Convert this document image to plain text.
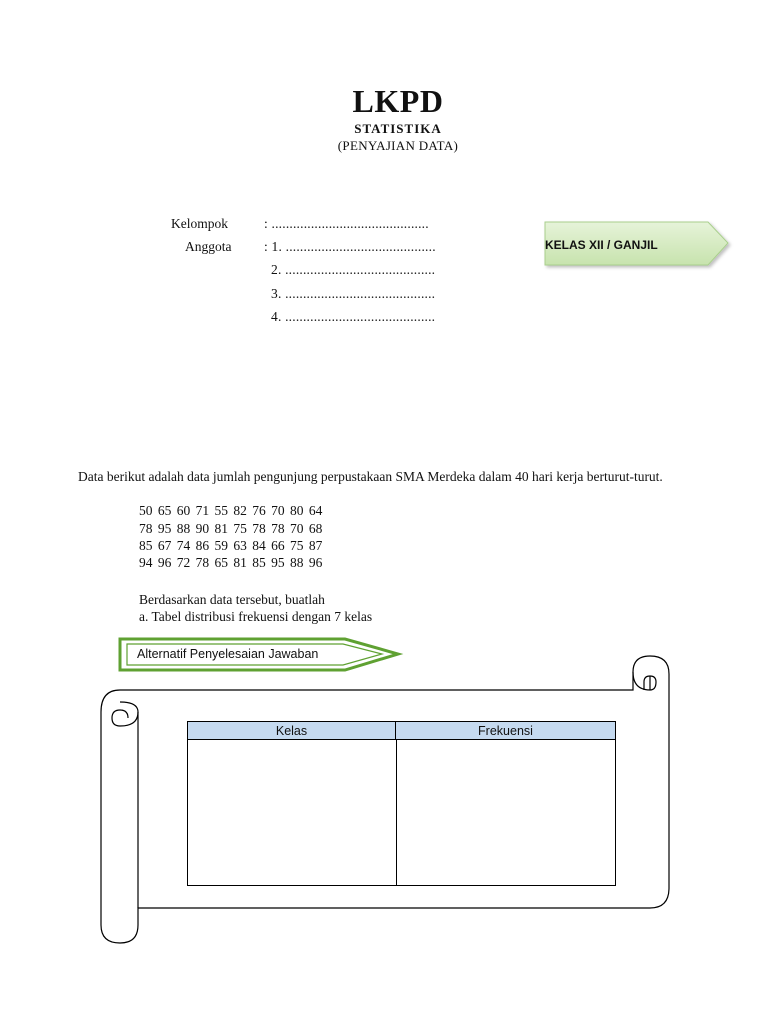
LKPD
STATISTIKA
(PENYAJIAN DATA)
Kelompok	: ............................................
Anggota : 1. ..........................................
2. ..........................................
3. ..........................................
4. ..........................................
KELAS XII / GANJIL
Alternatif Penyelesaian Jawaban
Data berikut adalah data jumlah pengunjung perpustakaan SMA Merdeka dalam 40 hari kerja berturut-turut.
50 65 60 71 55 82 76 70 80 64
78 95 88 90 81 75 78 78 70 68
85 67 74 86 59 63 84 66 75 87
94 96 72 78 65 81 85 95 88 96
Berdasarkan data tersebut, buatlah
a. Tabel distribusi frekuensi dengan 7 kelas
Kelas	Frekuensi
